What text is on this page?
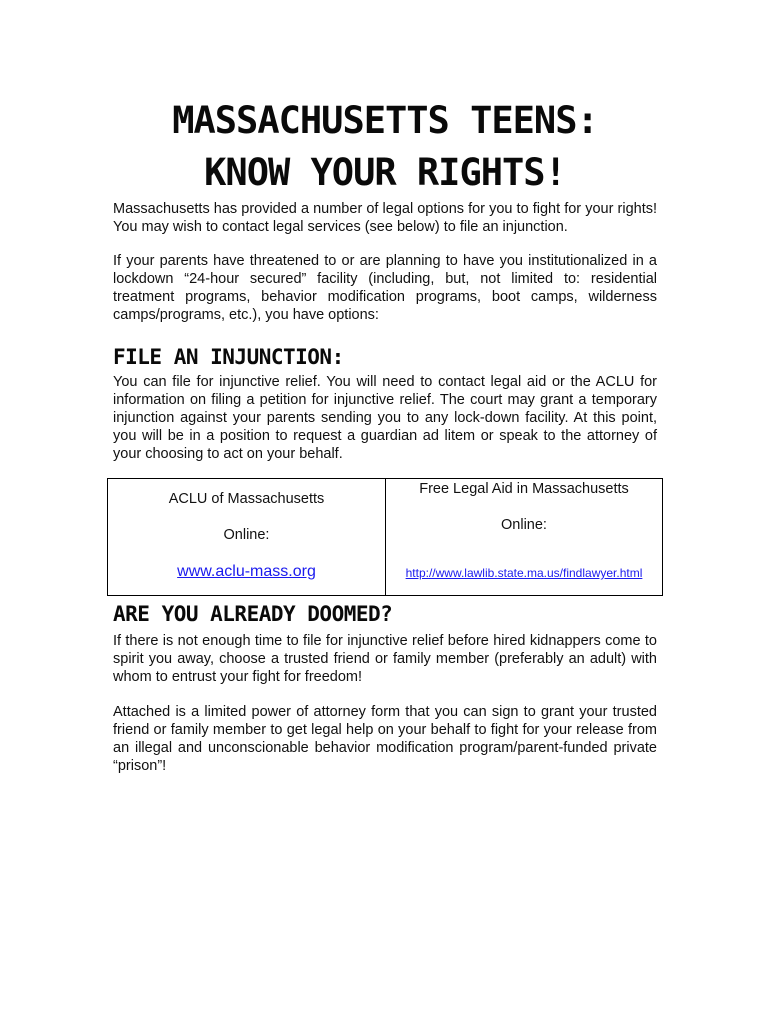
MASSACHUSETTS TEENS:
KNOW YOUR RIGHTS!

Massachusetts has provided a number of legal options for you to fight for your rights! You may wish to contact legal services (see below) to file an injunction.

If your parents have threatened to or are planning to have you institutionalized in a lockdown “24-hour secured” facility (including, but, not limited to: residential treatment programs, behavior modification programs, boot camps, wilderness camps/programs, etc.), you have options:

FILE AN INJUNCTION:

You can file for injunctive relief. You will need to contact legal aid or the ACLU for information on filing a petition for injunctive relief. The court may grant a temporary injunction against your parents sending you to any lock-down facility. At this point, you will be in a position to request a guardian ad litem or speak to the attorney of your choosing to act on your behalf.

ACLU of Massachusetts
Online:
www.aclu-mass.org
Free Legal Aid in Massachusetts
Online:
http://www.lawlib.state.ma.us/findlawyer.html
ARE YOU ALREADY DOOMED?

If there is not enough time to file for injunctive relief before hired kidnappers come to spirit you away, choose a trusted friend or family member (preferably an adult) with whom to entrust your fight for freedom!

Attached is a limited power of attorney form that you can sign to grant your trusted friend or family member to get legal help on your behalf to fight for your release from an illegal and unconscionable behavior modification program/parent-funded private “prison”!
